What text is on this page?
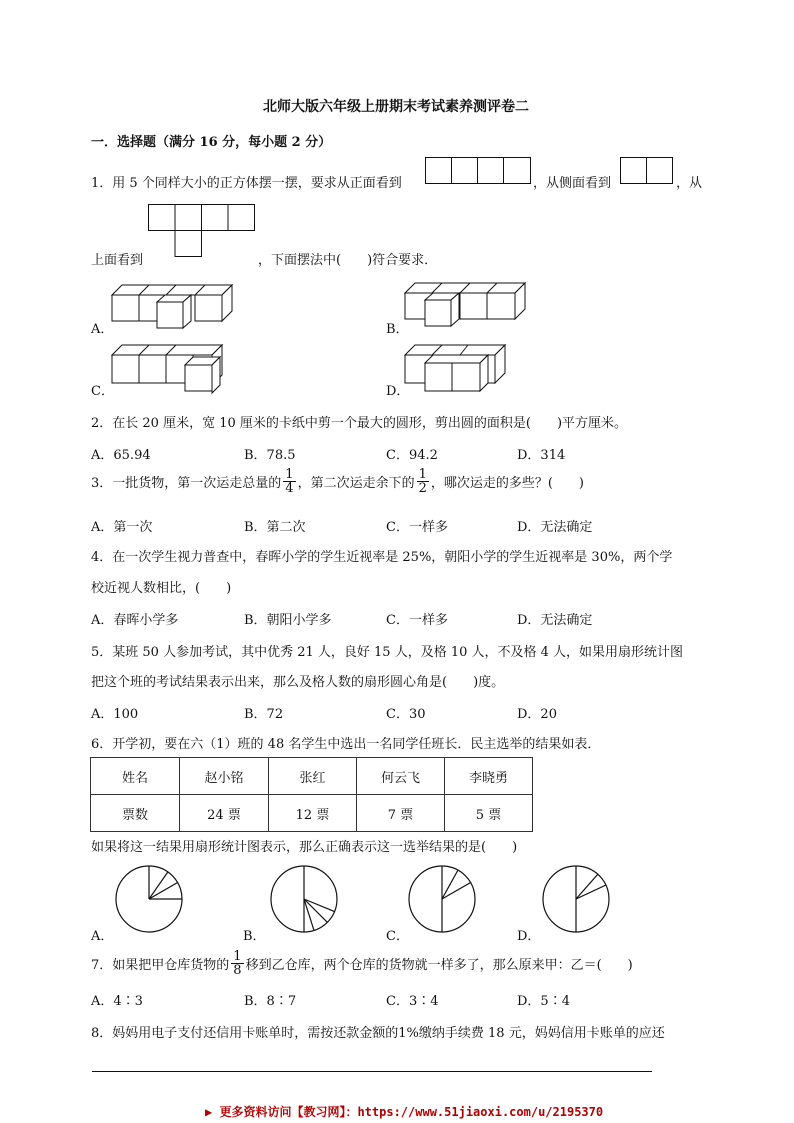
北师大版六年级上册期末考试素养测评卷二
一．选择题（满分 16 分，每小题 2 分）
1．用 5 个同样大小的正方体摆一摆，要求从正面看到	，从侧面看到	，从
上面看到	，下面摆法中(　　)符合要求．
A．	B．
C．	D．
2．在长 20 厘米，宽 10 厘米的卡纸中剪一个最大的圆形，剪出圆的面积是(　　)平方厘米。
A．65.94	B．78.5	C．94.2	D．314
3．一批货物，第一次运走总量的 $\frac{1}{4}$ ，第二次运走余下的 $\frac{1}{2}$ ，哪次运走的多些？(　　)
A．第一次	B．第二次	C．一样多	D．无法确定
4．在一次学生视力普查中，春晖小学的学生近视率是 25%，朝阳小学的学生近视率是 30%，两个学
校近视人数相比，(　　)
A．春晖小学多	B．朝阳小学多	C．一样多	D．无法确定
5．某班 50 人参加考试，其中优秀 21 人，良好 15 人，及格 10 人，不及格 4 人，如果用扇形统计图
把这个班的考试结果表示出来，那么及格人数的扇形圆心角是(　　)度。
A．100	B．72	C．30	D．20
6．开学初，要在六（1）班的 48 名学生中选出一名同学任班长．民主选举的结果如表．
姓名	赵小铭	张红	何云飞	李晓勇
票数	24 票	12 票	7 票	5 票
如果将这一结果用扇形统计图表示，那么正确表示这一选举结果的是(　　)
A．	B．	C．	D．
7．如果把甲仓库货物的 $\frac{1}{8}$ 移到乙仓库，两个仓库的货物就一样多了，那么原来甲：乙＝(　　)
A．4∶3	B．8∶7	C．3∶4	D．5∶4
8．妈妈用电子支付还信用卡账单时，需按还款金额的1%缴纳手续费 18 元，妈妈信用卡账单的应还
▶ 更多资料访问【教习网】：https://www.51jiaoxi.com/u/2195370
